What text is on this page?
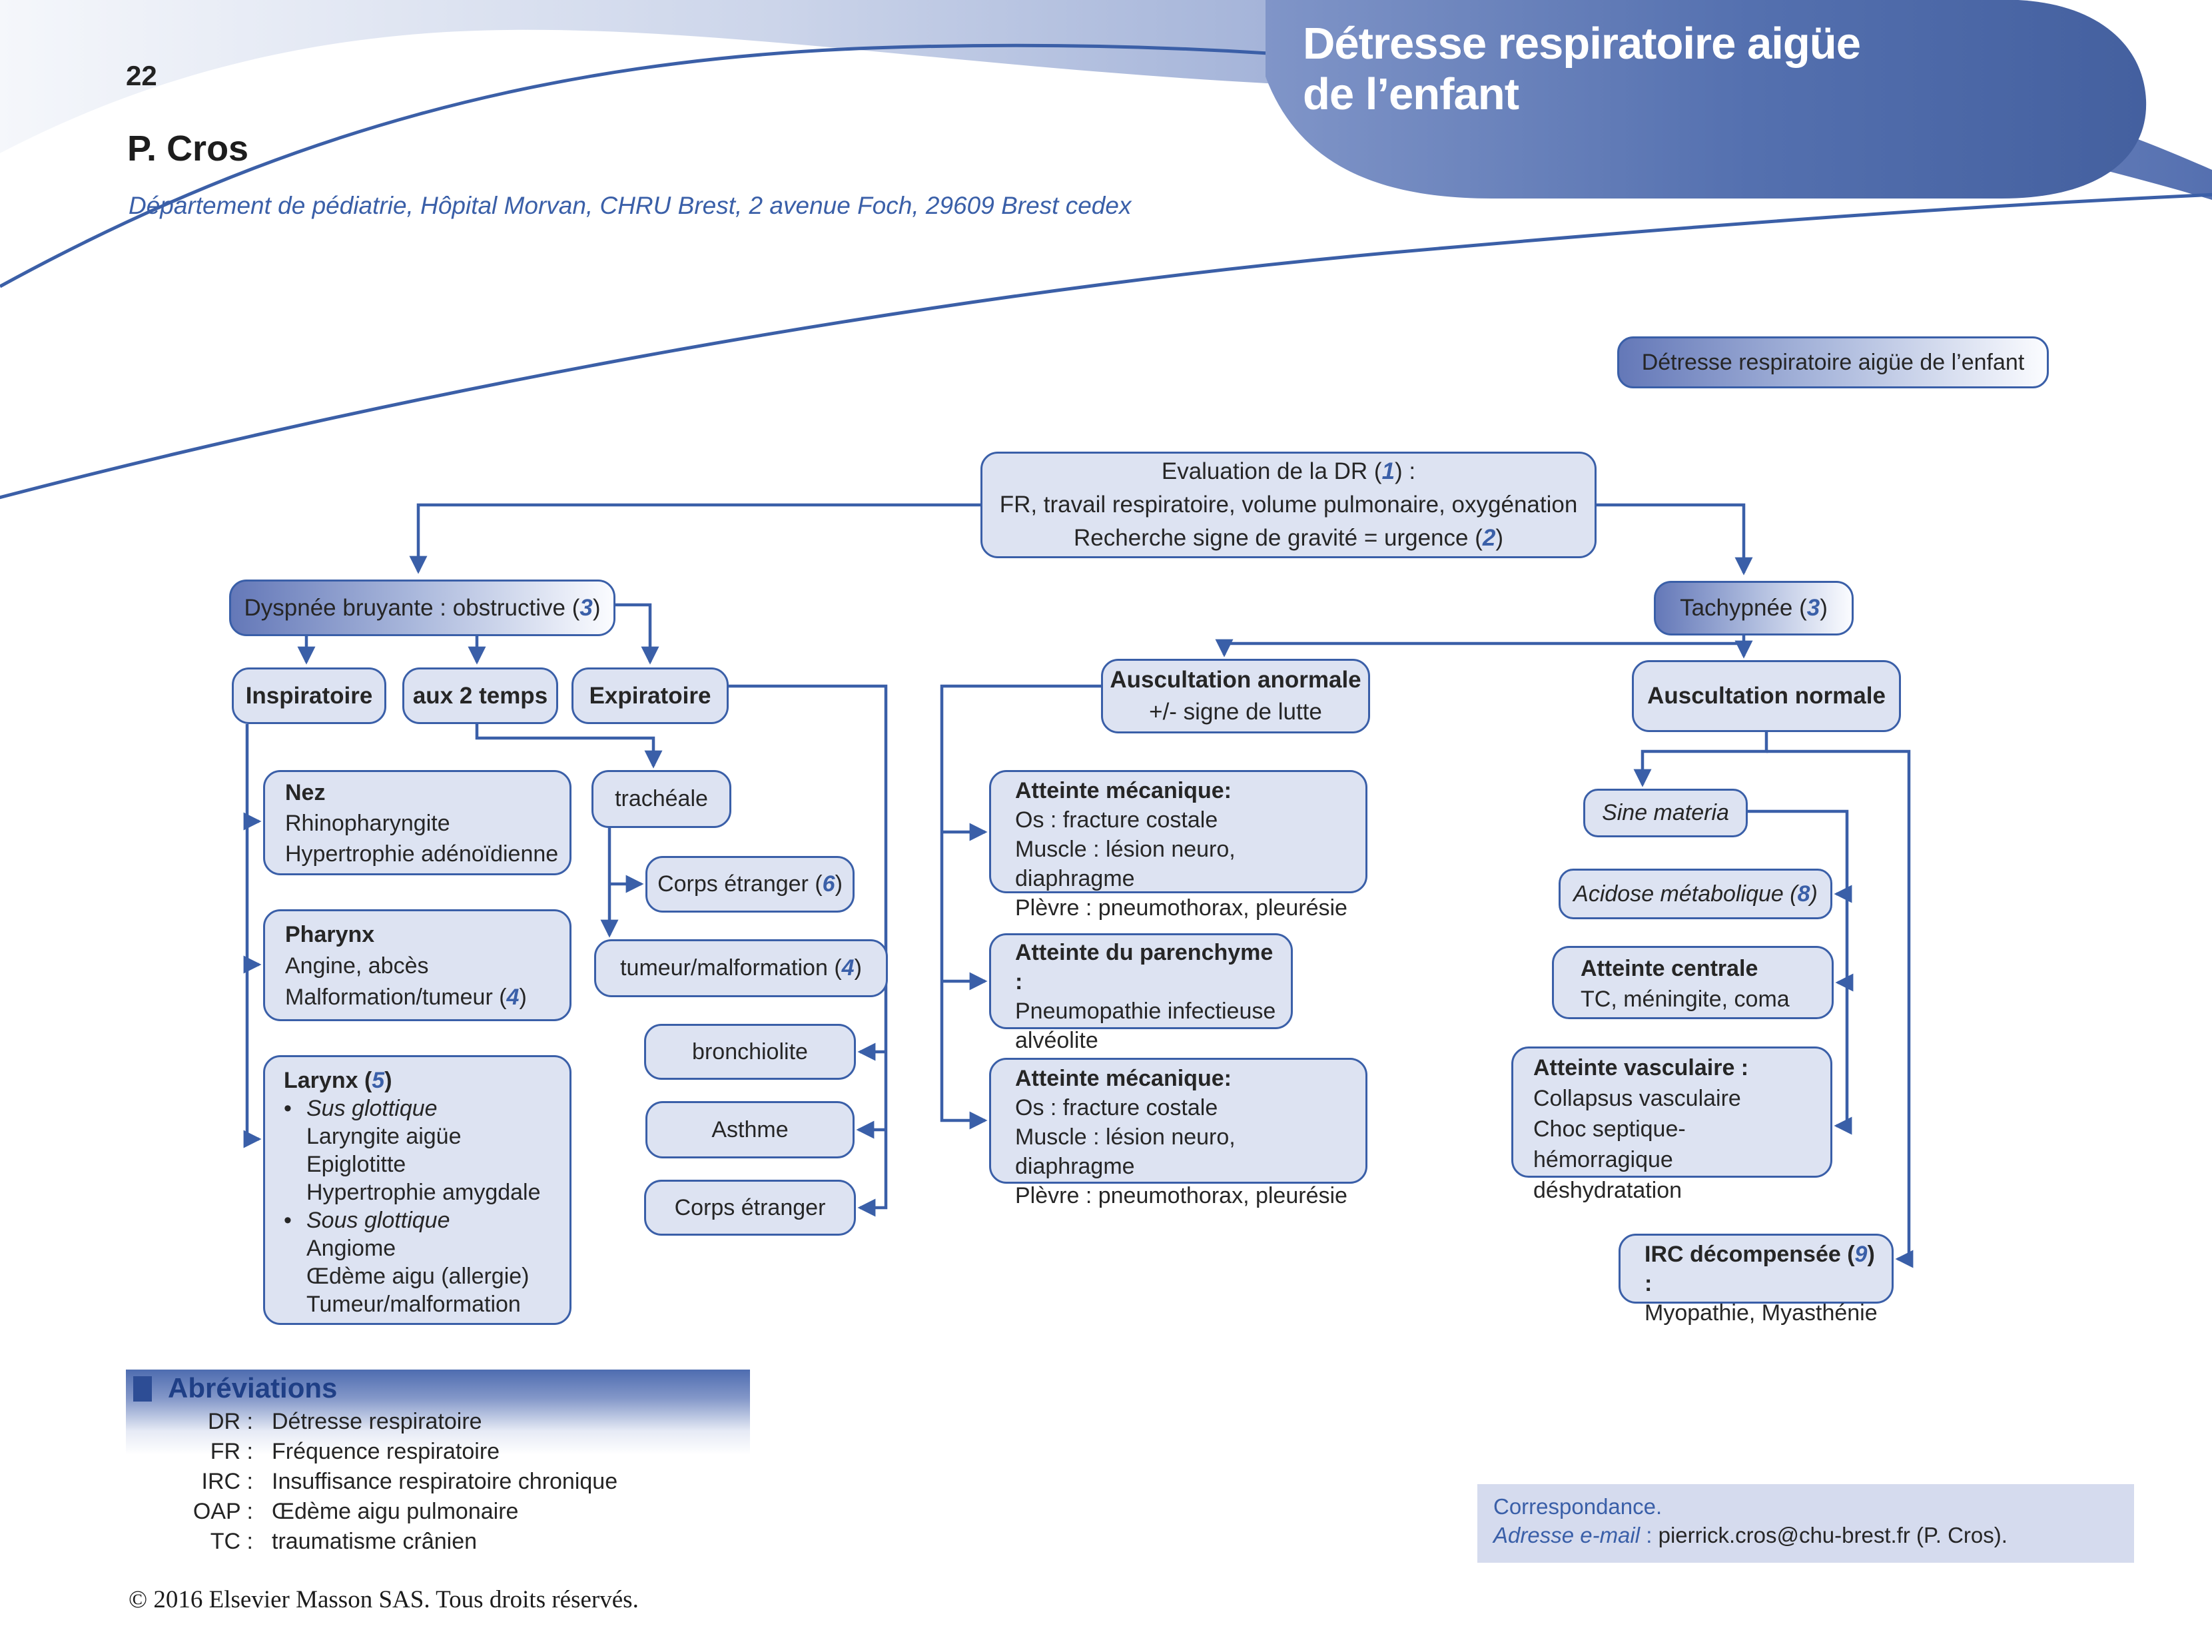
Détresse respiratoire aigüe
de l’enfant
22
P. Cros
Département de pédiatrie, Hôpital Morvan, CHRU Brest, 2 avenue Foch, 29609 Brest cedex
Détresse respiratoire aigüe de l’enfant
Evaluation de la DR (1) :
FR, travail respiratoire, volume pulmonaire, oxygénation
Recherche signe de gravité = urgence (2)
Dyspnée bruyante : obstructive (3)	Tachypnée (3)
Inspiratoire aux 2 temps Expiratoire
Auscultation anormale
+/- signe de lutte
Auscultation normale
Nez
Rhinopharyngite
Hypertrophie adénoïdienne
trachéale
Corps étranger (6)
Pharynx
Angine, abcès
Malformation/tumeur (4)
tumeur/malformation (4)
bronchiolite
Larynx (5)
• Sus glottique
Laryngite aigüe
Epiglotitte
Hypertrophie amygdale
• Sous glottique
Angiome
Œdème aigu (allergie)
Tumeur/malformation
Asthme
Corps étranger
Atteinte mécanique:
Os : fracture costale
Muscle : lésion neuro, diaphragme
Plèvre : pneumothorax, pleurésie
Atteinte du parenchyme :
Pneumopathie infectieuse
alvéolite
Atteinte mécanique:
Os : fracture costale
Muscle : lésion neuro, diaphragme
Plèvre : pneumothorax, pleurésie
Sine materia
Acidose métabolique (8)
Atteinte centrale
TC, méningite, coma
Atteinte vasculaire :
Collapsus vasculaire
Choc septique-hémorragique
déshydratation
IRC décompensée (9) :
Myopathie, Myasthénie
Abréviations
DR : Détresse respiratoire
FR : Fréquence respiratoire
IRC : Insuffisance respiratoire chronique
OAP : Œdème aigu pulmonaire
TC : traumatisme crânien
Correspondance.
Adresse e-mail : pierrick.cros@chu-brest.fr (P. Cros).
© 2016 Elsevier Masson SAS. Tous droits réservés.
